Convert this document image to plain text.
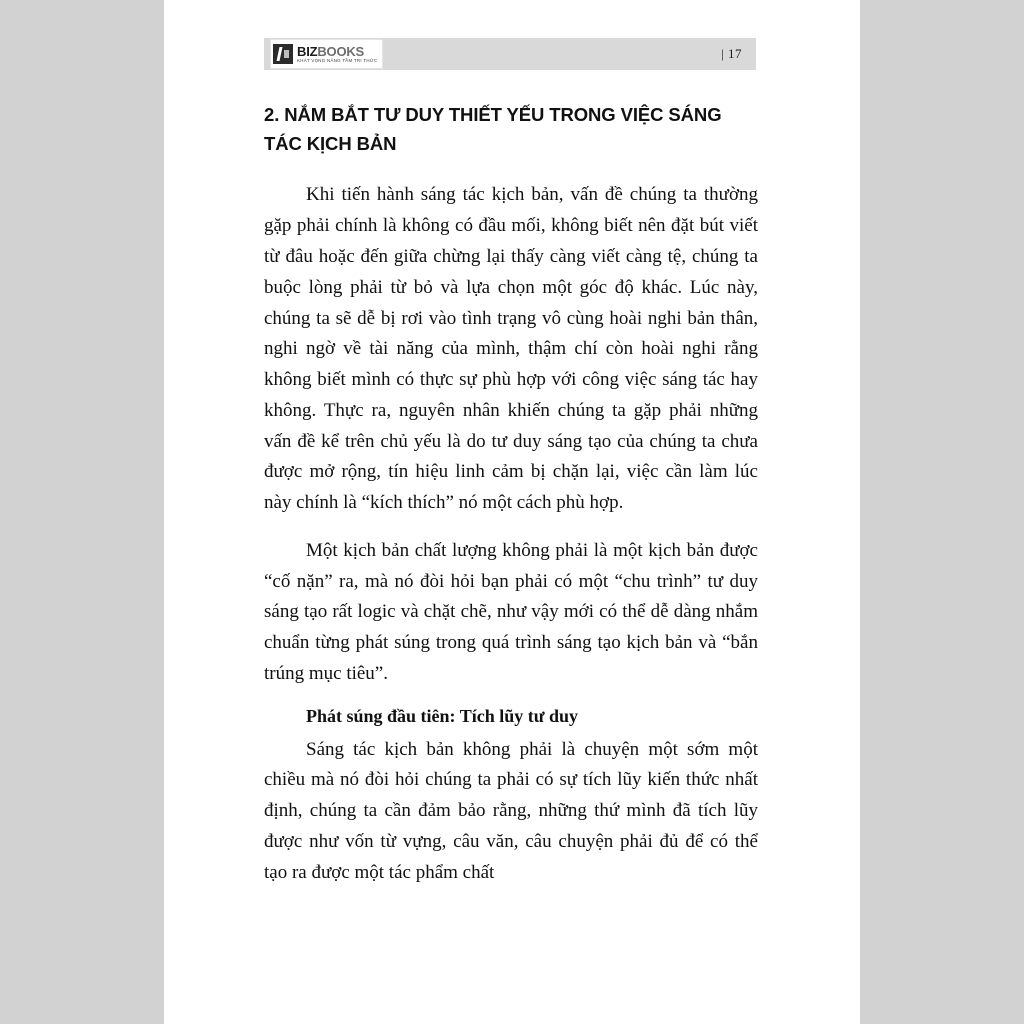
BIZBOOKS
KHÁT VỌNG NÂNG TẦM TRI THỨC	| 17
2. NẮM BẮT TƯ DUY THIẾT YẾU TRONG VIỆC SÁNG TÁC KỊCH BẢN

Khi tiến hành sáng tác kịch bản, vấn đề chúng ta thường gặp phải chính là không có đầu mối, không biết nên đặt bút viết từ đâu hoặc đến giữa chừng lại thấy càng viết càng tệ, chúng ta buộc lòng phải từ bỏ và lựa chọn một góc độ khác. Lúc này, chúng ta sẽ dễ bị rơi vào tình trạng vô cùng hoài nghi bản thân, nghi ngờ về tài năng của mình, thậm chí còn hoài nghi rằng không biết mình có thực sự phù hợp với công việc sáng tác hay không. Thực ra, nguyên nhân khiến chúng ta gặp phải những vấn đề kể trên chủ yếu là do tư duy sáng tạo của chúng ta chưa được mở rộng, tín hiệu linh cảm bị chặn lại, việc cần làm lúc này chính là “kích thích” nó một cách phù hợp.

Một kịch bản chất lượng không phải là một kịch bản được “cố nặn” ra, mà nó đòi hỏi bạn phải có một “chu trình” tư duy sáng tạo rất logic và chặt chẽ, như vậy mới có thể dễ dàng nhắm chuẩn từng phát súng trong quá trình sáng tạo kịch bản và “bắn trúng mục tiêu”.

Phát súng đầu tiên: Tích lũy tư duy

Sáng tác kịch bản không phải là chuyện một sớm một chiều mà nó đòi hỏi chúng ta phải có sự tích lũy kiến thức nhất định, chúng ta cần đảm bảo rằng, những thứ mình đã tích lũy được như vốn từ vựng, câu văn, câu chuyện phải đủ để có thể tạo ra được một tác phẩm chất
